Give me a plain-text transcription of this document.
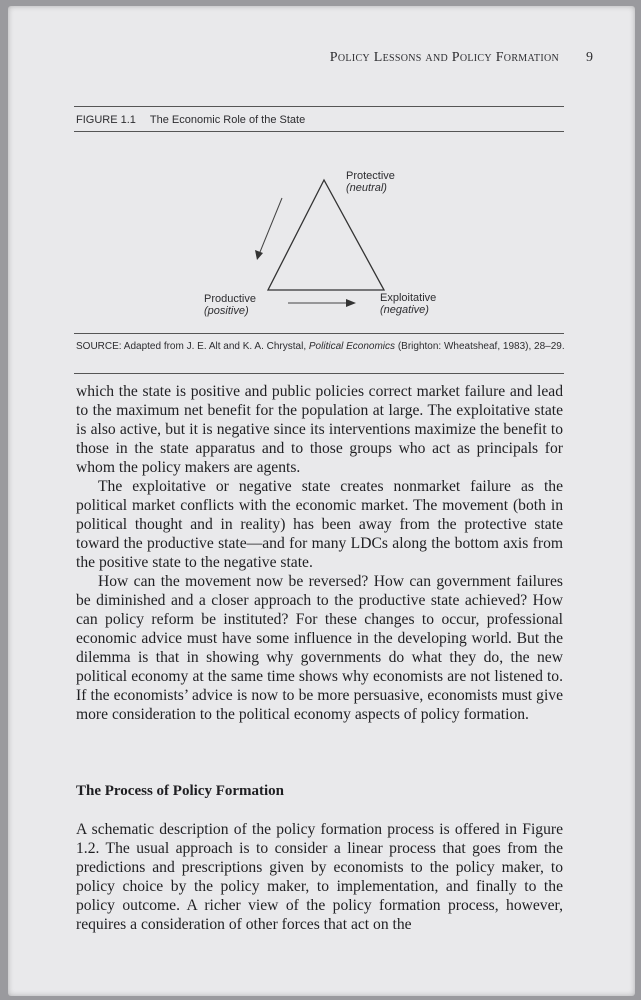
Policy Lessons and Policy Formation 9
FIGURE 1.1 The Economic Role of the State
Protective
(neutral)
Productive
(positive)
Exploitative
(negative)
SOURCE: Adapted from J. E. Alt and K. A. Chrystal, Political Economics (Brighton: Wheatsheaf, 1983), 28–29.

which the state is positive and public policies correct market failure and lead to the maximum net benefit for the population at large. The exploitative state is also active, but it is negative since its interventions maximize the benefit to those in the state apparatus and to those groups who act as principals for whom the policy makers are agents.

The exploitative or negative state creates nonmarket failure as the political market conflicts with the economic market. The movement (both in political thought and in reality) has been away from the protective state toward the productive state—and for many LDCs along the bottom axis from the positive state to the negative state.

How can the movement now be reversed? How can government failures be diminished and a closer approach to the productive state achieved? How can policy reform be instituted? For these changes to occur, professional economic advice must have some influence in the developing world. But the dilemma is that in showing why governments do what they do, the new political economy at the same time shows why economists are not listened to. If the economists’ advice is now to be more persuasive, economists must give more consideration to the political economy aspects of policy formation.

The Process of Policy Formation

A schematic description of the policy formation process is offered in Figure 1.2. The usual approach is to consider a linear process that goes from the predictions and prescriptions given by economists to the policy maker, to policy choice by the policy maker, to implementation, and finally to the policy outcome. A richer view of the policy formation process, however, requires a consideration of other forces that act on the
